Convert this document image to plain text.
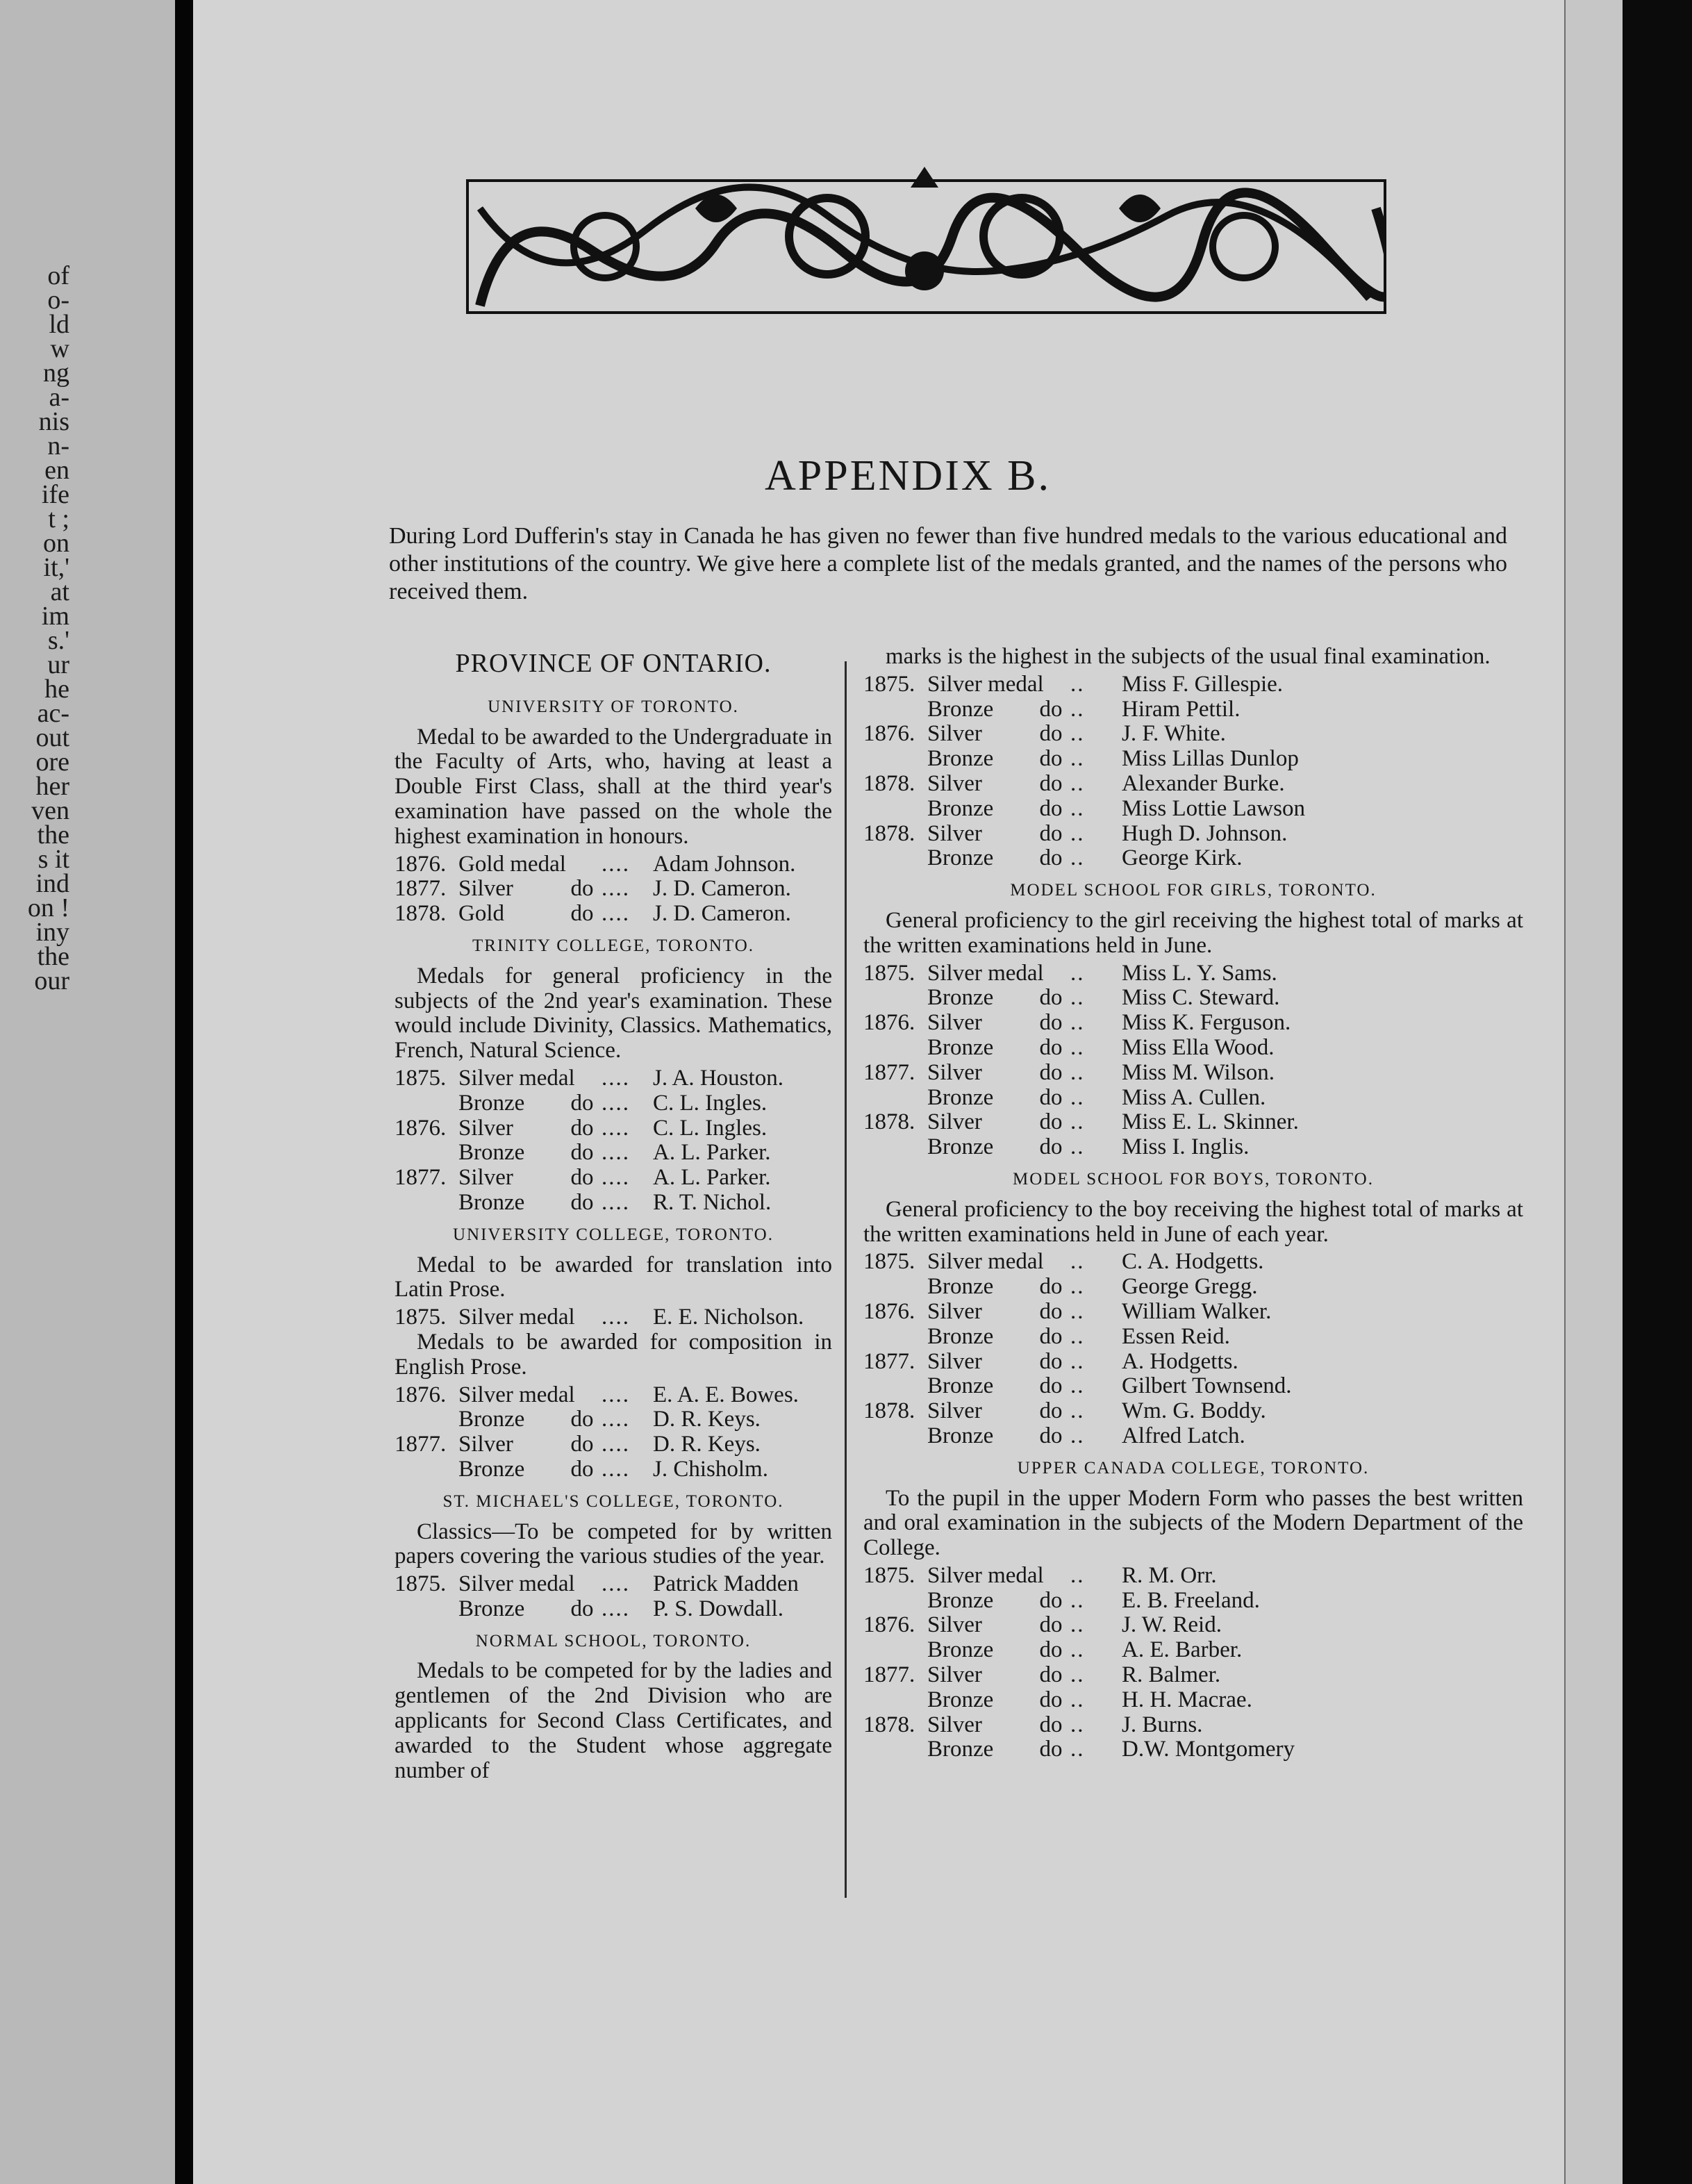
of
o-
ld
w
ng
a-
nis
n-
en
ife
t ;
on
it,'
at
im
s.'
ur
he
ac-
out
ore
her
ven
the
s it
ind
on !
iny
the
our
APPENDIX B.

During Lord Dufferin's stay in Canada he has given no fewer than five hundred medals to the various educational and other institutions of the country. We give here a complete list of the medals granted, and the names of the persons who received them.

PROVINCE OF ONTARIO.
UNIVERSITY OF TORONTO.

Medal to be awarded to the Undergraduate in the Faculty of Arts, who, having at least a Double First Class, shall at the third year's examination have passed on the whole the highest examination in honours.

1876. Gold medal	....	Adam Johnson.
1877. Silver	do ....	J. D. Cameron.
1878. Gold	do ....	J. D. Cameron.
TRINITY COLLEGE, TORONTO.

Medals for general proficiency in the subjects of the 2nd year's examination. These would include Divinity, Classics. Mathematics, French, Natural Science.

1875. Silver medal	....	J. A. Houston.
Bronze	do ....	C. L. Ingles.
1876. Silver	do ....	C. L. Ingles.
Bronze	do ....	A. L. Parker.
1877. Silver	do ....	A. L. Parker.
Bronze	do ....	R. T. Nichol.
UNIVERSITY COLLEGE, TORONTO.

Medal to be awarded for translation into Latin Prose.

1875. Silver medal	....	E. E. Nicholson.

Medals to be awarded for composition in English Prose.

1876. Silver medal	....	E. A. E. Bowes.
Bronze	do ....	D. R. Keys.
1877. Silver	do ....	D. R. Keys.
Bronze	do ....	J. Chisholm.
ST. MICHAEL'S COLLEGE, TORONTO.

Classics—To be competed for by written papers covering the various studies of the year.

1875. Silver medal	....	Patrick Madden
Bronze	do ....	P. S. Dowdall.
NORMAL SCHOOL, TORONTO.

Medals to be competed for by the ladies and gentlemen of the 2nd Division who are applicants for Second Class Certificates, and awarded to the Student whose aggregate number of

marks is the highest in the subjects of the usual final examination.

1875. Silver medal	..	Miss F. Gillespie.
Bronze	do ..	Hiram Pettil.
1876. Silver	do ..	J. F. White.
Bronze	do ..	Miss Lillas Dunlop
1878. Silver	do ..	Alexander Burke.
Bronze	do ..	Miss Lottie Lawson
1878. Silver	do ..	Hugh D. Johnson.
Bronze	do ..	George Kirk.
MODEL SCHOOL FOR GIRLS, TORONTO.

General proficiency to the girl receiving the highest total of marks at the written examinations held in June.

1875. Silver medal	..	Miss L. Y. Sams.
Bronze	do ..	Miss C. Steward.
1876. Silver	do ..	Miss K. Ferguson.
Bronze	do ..	Miss Ella Wood.
1877. Silver	do ..	Miss M. Wilson.
Bronze	do ..	Miss A. Cullen.
1878. Silver	do ..	Miss E. L. Skinner.
Bronze	do ..	Miss I. Inglis.
MODEL SCHOOL FOR BOYS, TORONTO.

General proficiency to the boy receiving the highest total of marks at the written examinations held in June of each year.

1875. Silver medal	..	C. A. Hodgetts.
Bronze	do ..	George Gregg.
1876. Silver	do ..	William Walker.
Bronze	do ..	Essen Reid.
1877. Silver	do ..	A. Hodgetts.
Bronze	do ..	Gilbert Townsend.
1878. Silver	do ..	Wm. G. Boddy.
Bronze	do ..	Alfred Latch.
UPPER CANADA COLLEGE, TORONTO.

To the pupil in the upper Modern Form who passes the best written and oral examination in the subjects of the Modern Department of the College.

1875. Silver medal	..	R. M. Orr.
Bronze	do ..	E. B. Freeland.
1876. Silver	do ..	J. W. Reid.
Bronze	do ..	A. E. Barber.
1877. Silver	do ..	R. Balmer.
Bronze	do ..	H. H. Macrae.
1878. Silver	do ..	J. Burns.
Bronze	do ..	D.W. Montgomery
